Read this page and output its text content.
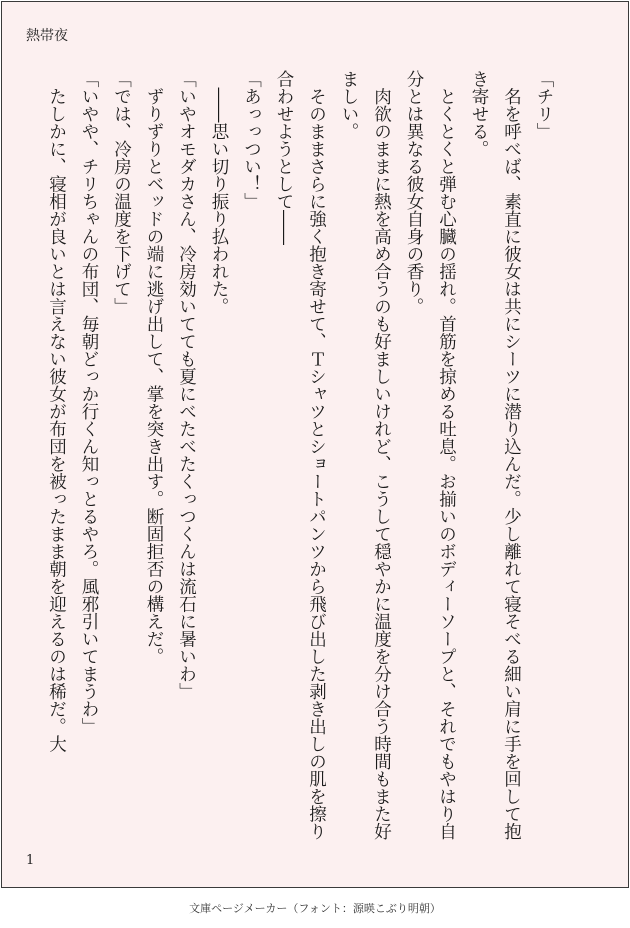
熱帯夜

「チリ」

　名を呼べば、素直に彼女は共にシーツに潜り込んだ。少し離れて寝そべる細い肩に手を回して抱き寄せる。

　とくとくと弾む心臓の揺れ。首筋を掠める吐息。お揃いのボディーソープと、それでもやはり自分とは異なる彼女自身の香り。

　肉欲のままに熱を高め合うのも好ましいけれど、こうして穏やかに温度を分け合う時間もまた好ましい。

　そのままさらに強く抱き寄せて、Ｔシャツとショートパンツから飛び出した剥き出しの肌を擦り合わせようとして――

「あっっつい！」

　――思い切り振り払われた。

「いやオモダカさん、冷房効いてても夏にべたべたくっつくんは流石に暑いわ」

　ずりずりとベッドの端に逃げ出して、掌を突き出す。断固拒否の構えだ。

「では、冷房の温度を下げて」

「いやや、チリちゃんの布団、毎朝どっか行くん知っとるやろ。風邪引いてまうわ」

　たしかに、寝相が良いとは言えない彼女が布団を被ったまま朝を迎えるのは稀だ。大

1
文庫ページメーカー（フォント：源暎こぶり明朝）
